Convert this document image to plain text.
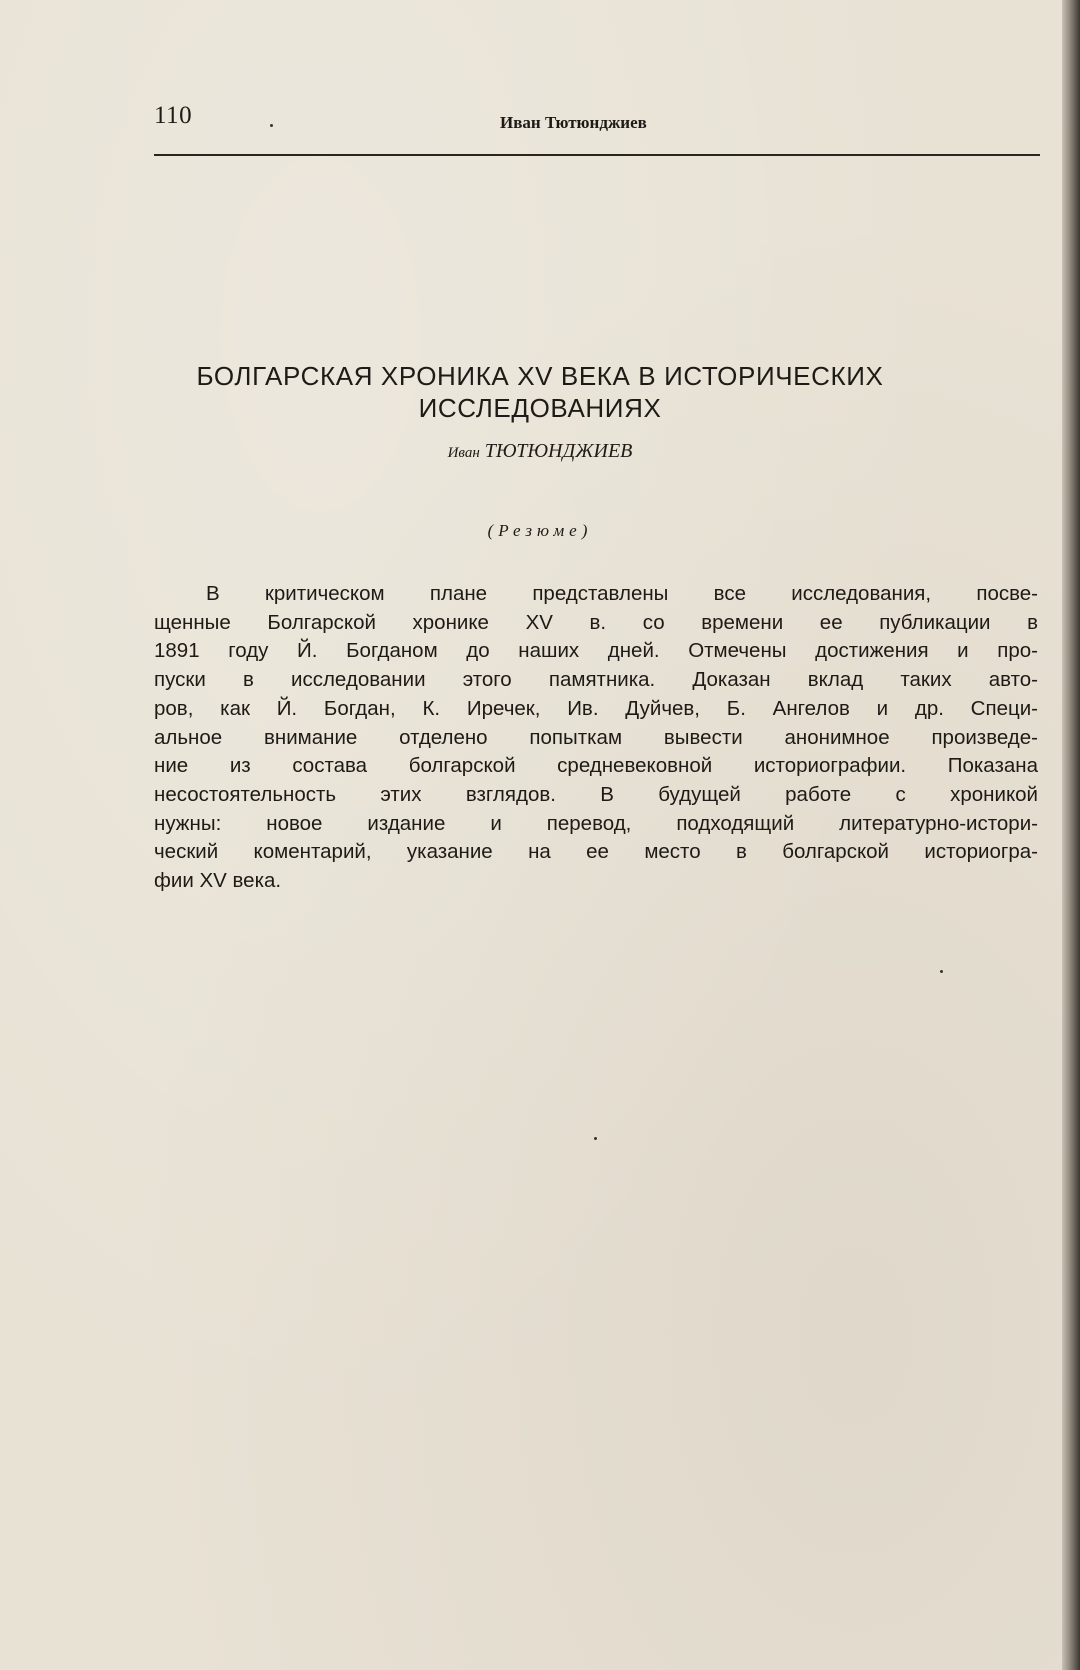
110	Иван Тютюнджиев
БОЛГАРСКАЯ ХРОНИКА XV ВЕКА В ИСТОРИЧЕСКИХ
ИССЛЕДОВАНИЯХ
Иван ТЮТЮНДЖИЕВ
(Резюме)
В критическом плане представлены все исследования, посве-
щенные Болгарской хронике XV в. со времени ее публикации в
1891 году Й. Богданом до наших дней. Отмечены достижения и про-
пуски в исследовании этого памятника. Доказан вклад таких авто-
ров, как Й. Богдан, К. Иречек, Ив. Дуйчев, Б. Ангелов и др. Специ-
альное внимание отделено попыткам вывести анонимное произведе-
ние из состава болгарской средневековной историографии. Показана
несостоятельность этих взглядов. В будущей работе с хроникой
нужны: новое издание и перевод, подходящий литературно-истори-
ческий коментарий, указание на ее место в болгарской историогра-
фии XV века.
